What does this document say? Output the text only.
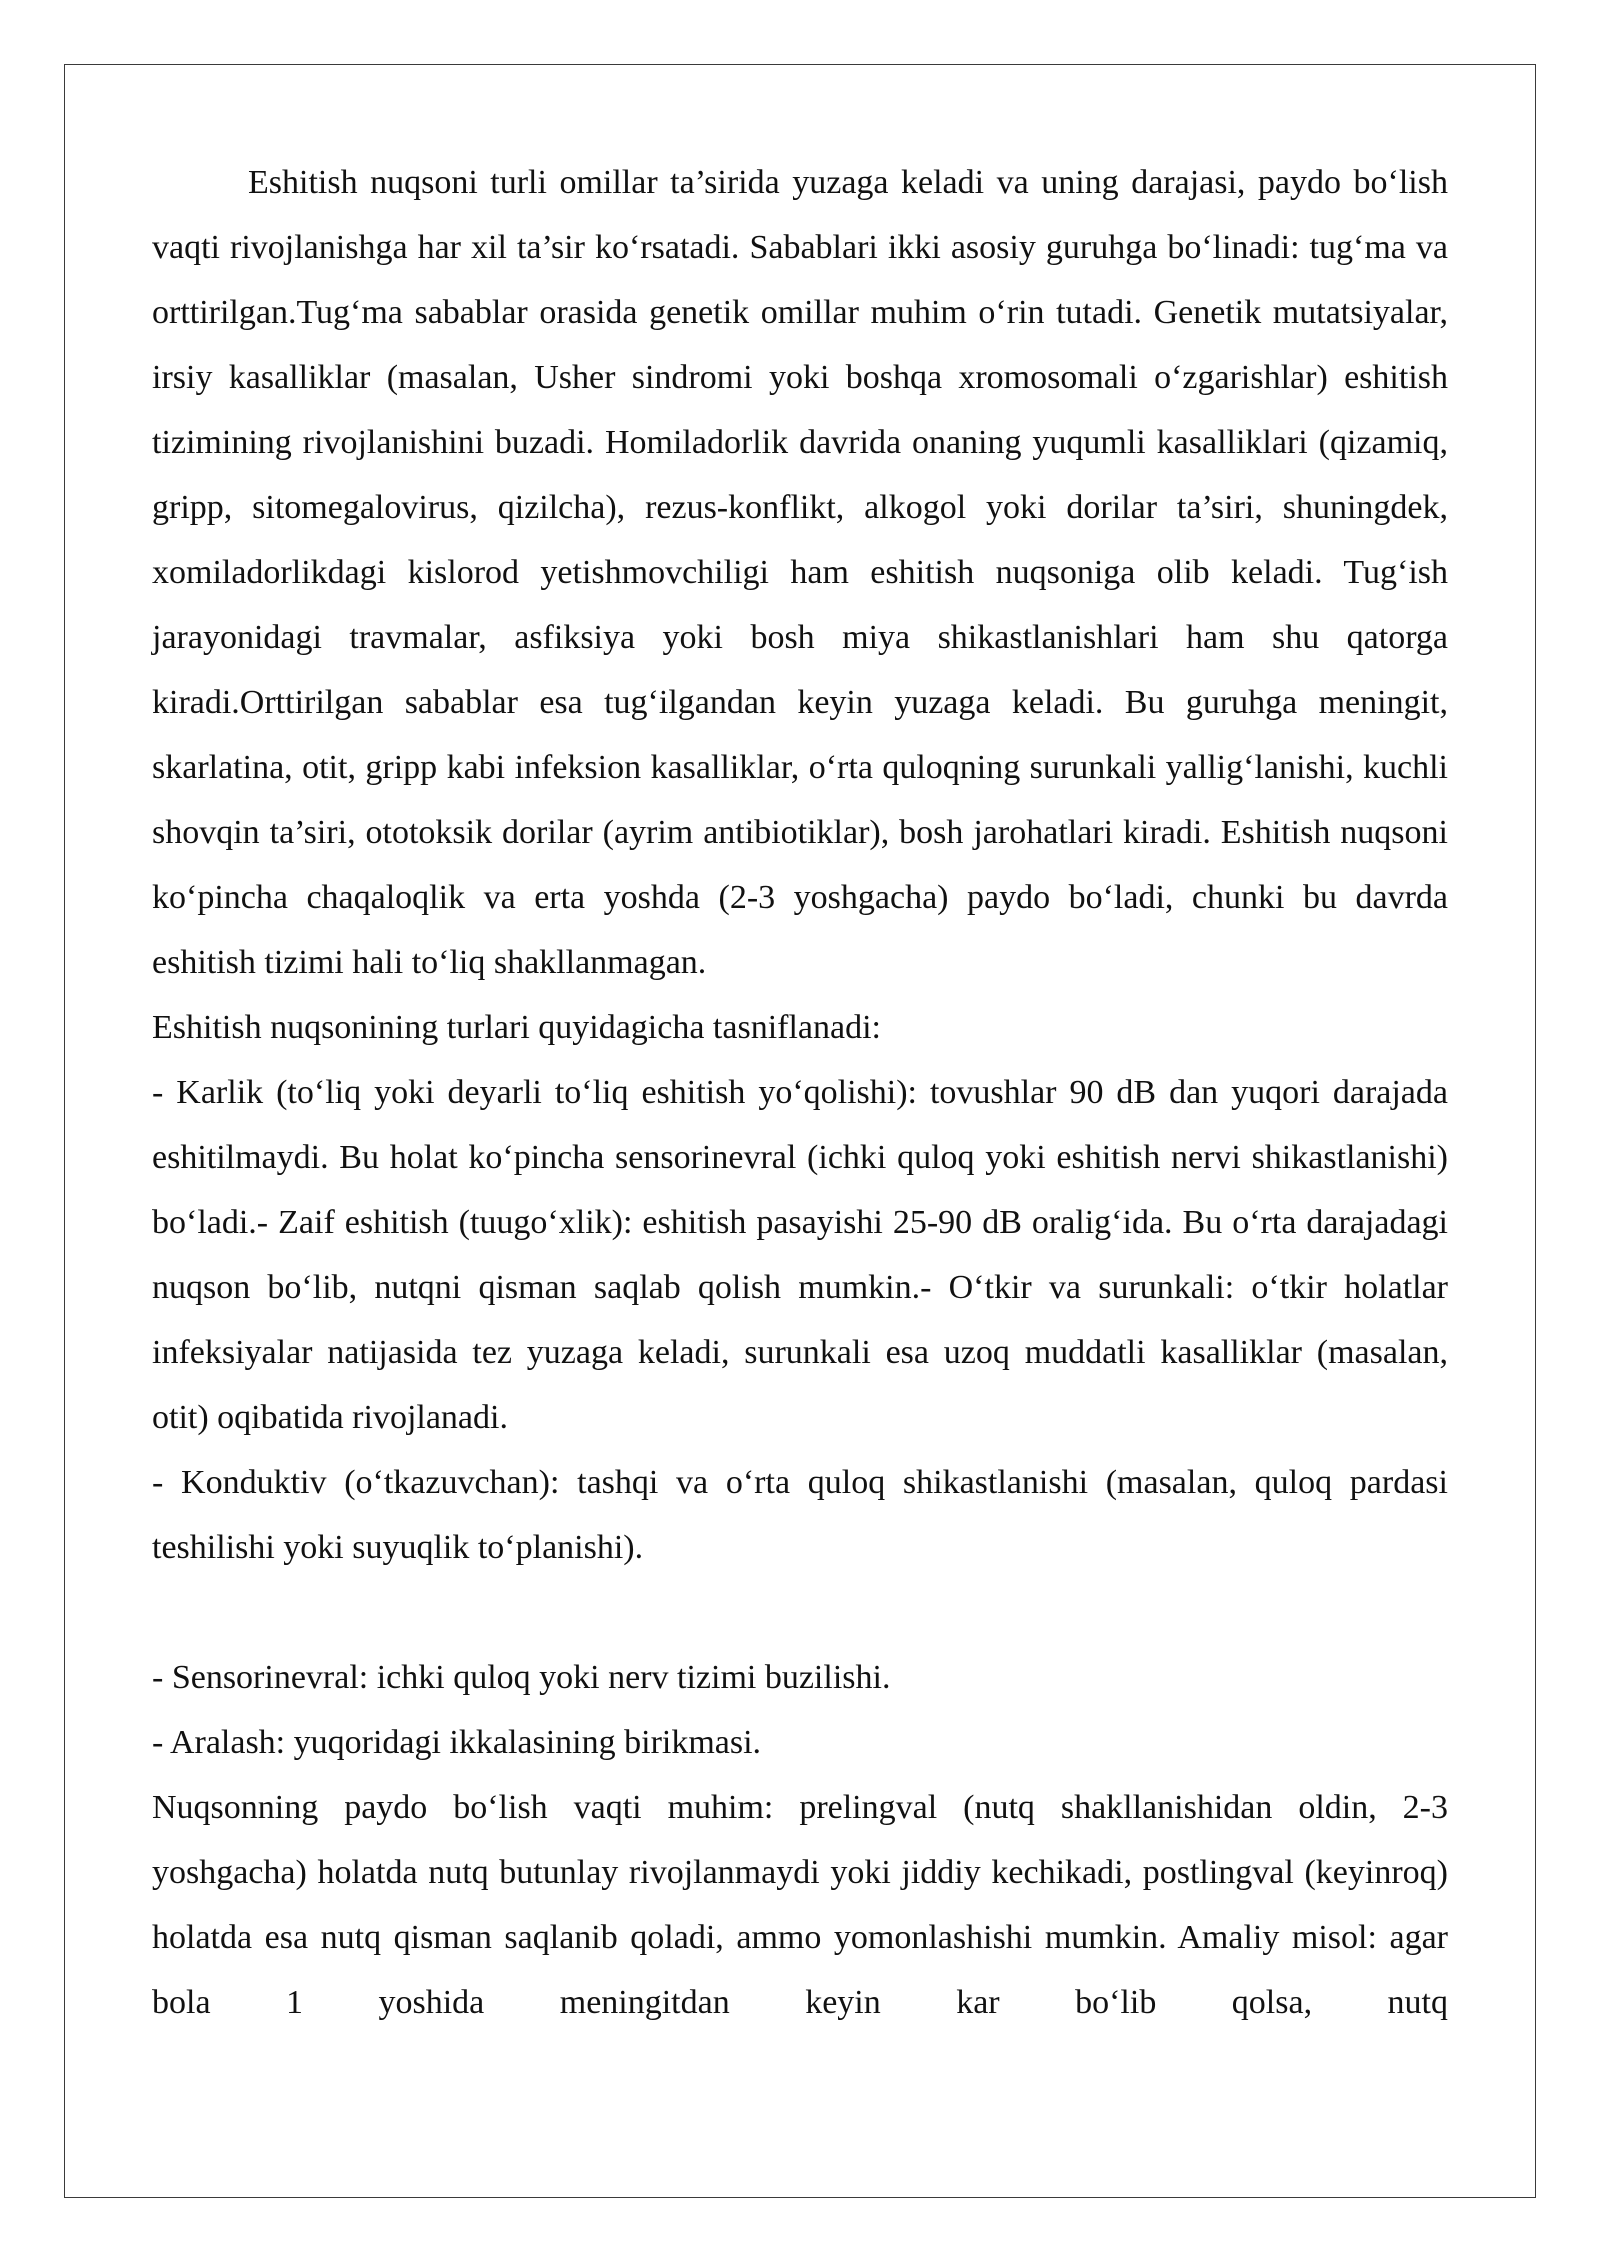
Eshitish nuqsoni turli omillar ta’sirida yuzaga keladi va uning darajasi, paydo bo‘lish vaqti rivojlanishga har xil ta’sir ko‘rsatadi. Sabablari ikki asosiy guruhga bo‘linadi: tug‘ma va orttirilgan.Tug‘ma sabablar orasida genetik omillar muhim o‘rin tutadi. Genetik mutatsiyalar, irsiy kasalliklar (masalan, Usher sindromi yoki boshqa xromosomali o‘zgarishlar) eshitish tizimining rivojlanishini buzadi. Homiladorlik davrida onaning yuqumli kasalliklari (qizamiq, gripp, sitomegalovirus, qizilcha), rezus-konflikt, alkogol yoki dorilar ta’siri, shuningdek, xomiladorlikdagi kislorod yetishmovchiligi ham eshitish nuqsoniga olib keladi. Tug‘ish jarayonidagi travmalar, asfiksiya yoki bosh miya shikastlanishlari ham shu qatorga kiradi.Orttirilgan sabablar esa tug‘ilgandan keyin yuzaga keladi. Bu guruhga meningit, skarlatina, otit, gripp kabi infeksion kasalliklar, o‘rta quloqning surunkali yallig‘lanishi, kuchli shovqin ta’siri, ototoksik dorilar (ayrim antibiotiklar), bosh jarohatlari kiradi. Eshitish nuqsoni ko‘pincha chaqaloqlik va erta yoshda (2-3 yoshgacha) paydo bo‘ladi, chunki bu davrda eshitish tizimi hali to‘liq shakllanmagan.

Eshitish nuqsonining turlari quyidagicha tasniflanadi:

- Karlik (to‘liq yoki deyarli to‘liq eshitish yo‘qolishi): tovushlar 90 dB dan yuqori darajada eshitilmaydi. Bu holat ko‘pincha sensorinevral (ichki quloq yoki eshitish nervi shikastlanishi) bo‘ladi.- Zaif eshitish (tuugo‘xlik): eshitish pasayishi 25-90 dB oralig‘ida. Bu o‘rta darajadagi nuqson bo‘lib, nutqni qisman saqlab qolish mumkin.- O‘tkir va surunkali: o‘tkir holatlar infeksiyalar natijasida tez yuzaga keladi, surunkali esa uzoq muddatli kasalliklar (masalan, otit) oqibatida rivojlanadi.

- Konduktiv (o‘tkazuvchan): tashqi va o‘rta quloq shikastlanishi (masalan, quloq pardasi teshilishi yoki suyuqlik to‘planishi).

- Sensorinevral: ichki quloq yoki nerv tizimi buzilishi.

- Aralash: yuqoridagi ikkalasining birikmasi.

Nuqsonning paydo bo‘lish vaqti muhim: prelingval (nutq shakllanishidan oldin, 2-3 yoshgacha) holatda nutq butunlay rivojlanmaydi yoki jiddiy kechikadi, postlingval (keyinroq) holatda esa nutq qisman saqlanib qoladi, ammo yomonlashishi mumkin. Amaliy misol: agar bola 1 yoshida meningitdan keyin kar bo‘lib qolsa, nutq
